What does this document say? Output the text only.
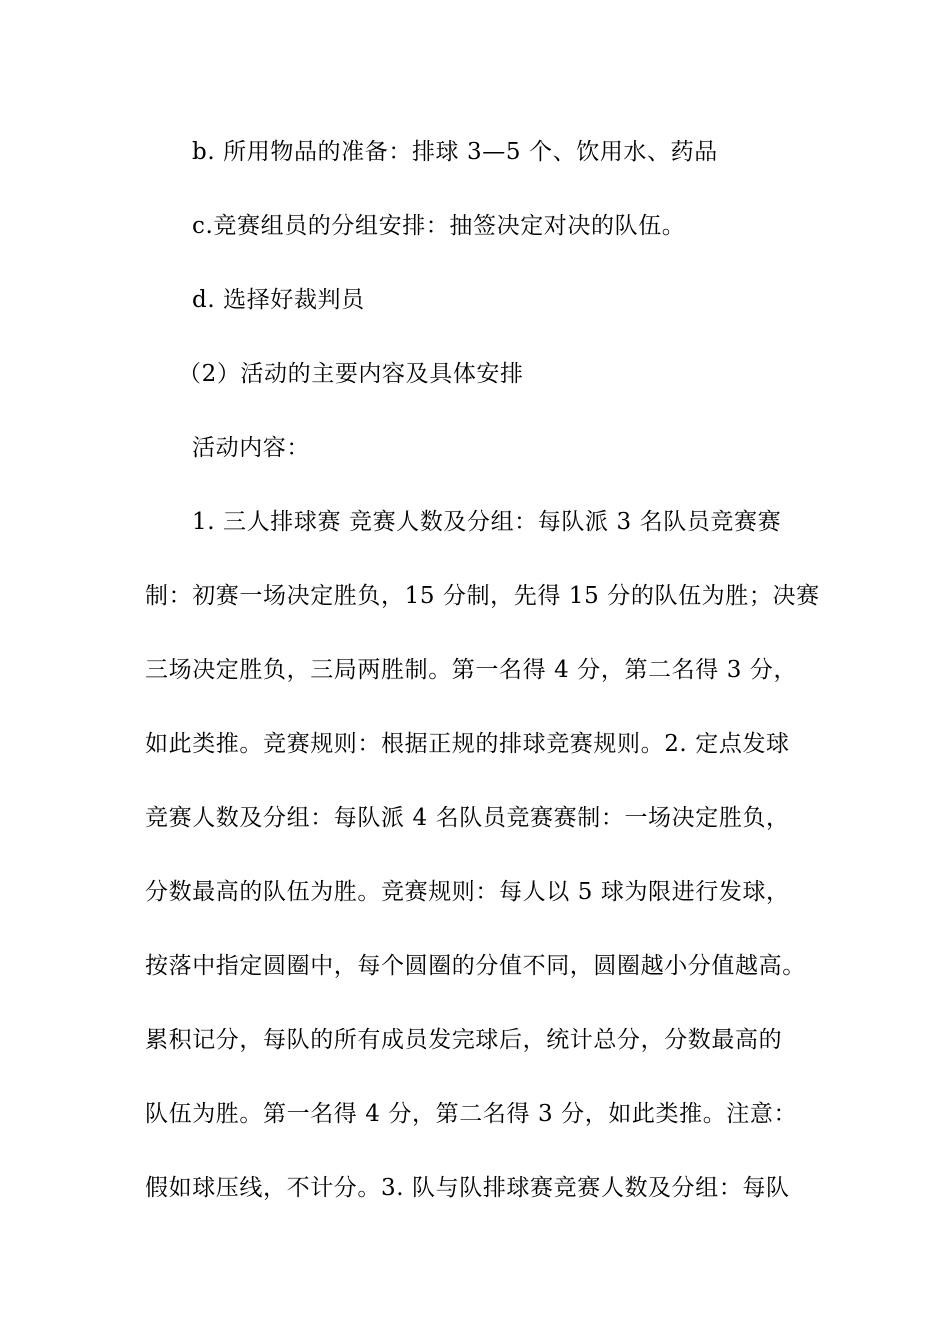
b. 所用物品的准备：排球 3—5 个、饮用水、药品
c.竞赛组员的分组安排：抽签决定对决的队伍。
d. 选择好裁判员
（2）活动的主要内容及具体安排
活动内容：
1. 三人排球赛 竞赛人数及分组：每队派 3 名队员竞赛赛
制：初赛一场决定胜负，15 分制，先得 15 分的队伍为胜；决赛
三场决定胜负，三局两胜制。第一名得 4 分，第二名得 3 分，
如此类推。竞赛规则：根据正规的排球竞赛规则。2. 定点发球
竞赛人数及分组：每队派 4 名队员竞赛赛制：一场决定胜负，
分数最高的队伍为胜。竞赛规则：每人以 5 球为限进行发球，
按落中指定圆圈中，每个圆圈的分值不同，圆圈越小分值越高。
累积记分，每队的所有成员发完球后，统计总分，分数最高的
队伍为胜。第一名得 4 分，第二名得 3 分，如此类推。注意：
假如球压线，不计分。3. 队与队排球赛竞赛人数及分组：每队
